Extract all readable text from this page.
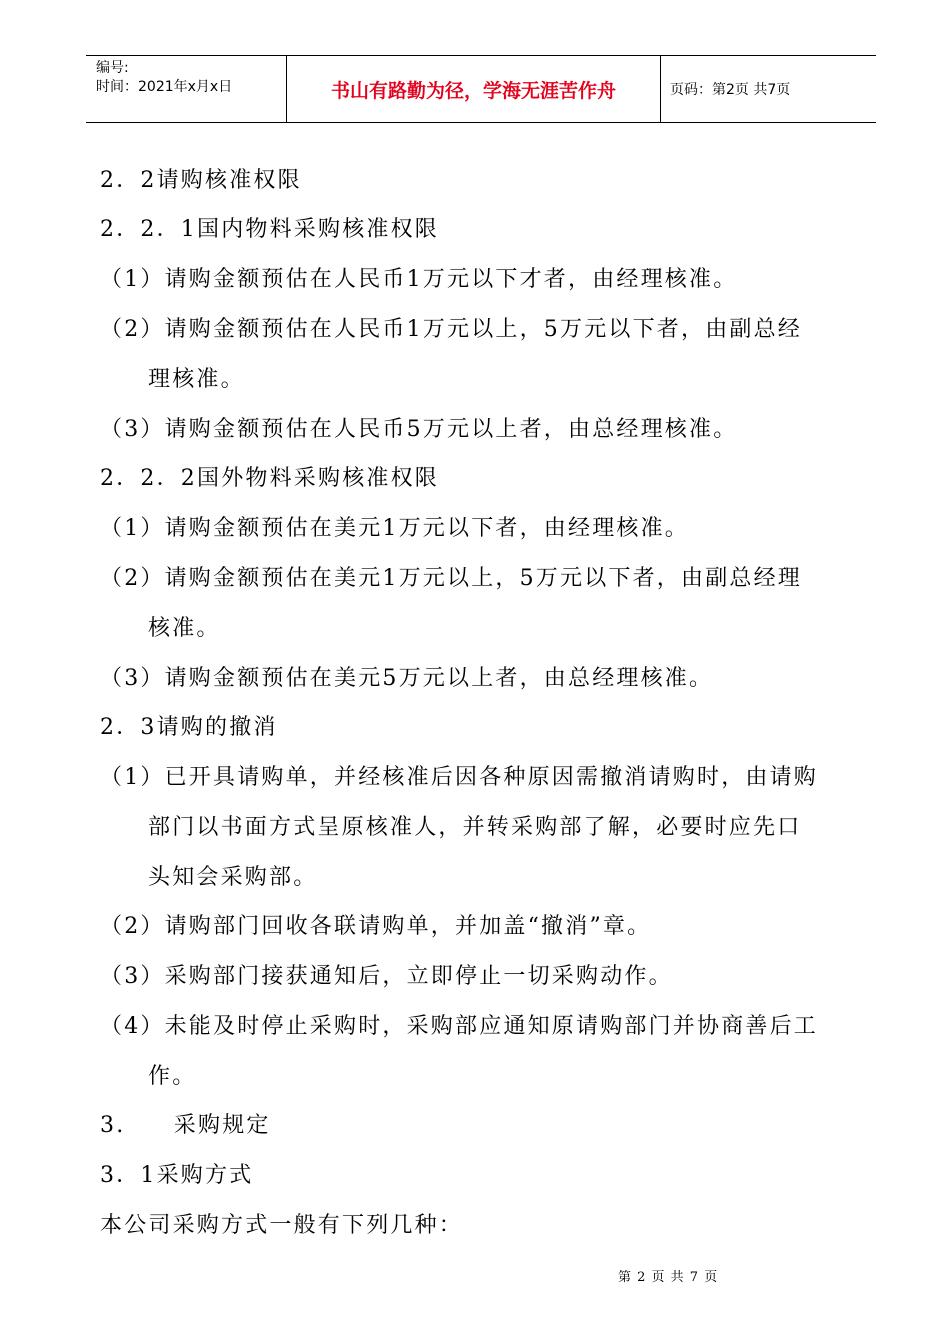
编号:
时间：2021年x月x日	书山有路勤为径，学海无涯苦作舟	页码：第2页 共7页
2．2请购核准权限
2．2．1国内物料采购核准权限
（1）请购金额预估在人民币1万元以下才者，由经理核准。
（2）请购金额预估在人民币1万元以上，5万元以下者，由副总经
理核准。
（3）请购金额预估在人民币5万元以上者，由总经理核准。
2．2．2国外物料采购核准权限
（1）请购金额预估在美元1万元以下者，由经理核准。
（2）请购金额预估在美元1万元以上，5万元以下者，由副总经理
核准。
（3）请购金额预估在美元5万元以上者，由总经理核准。
2．3请购的撤消
（1）已开具请购单，并经核准后因各种原因需撤消请购时，由请购
部门以书面方式呈原核准人，并转采购部了解，必要时应先口
头知会采购部。
（2）请购部门回收各联请购单，并加盖“撤消”章。
（3）采购部门接获通知后，立即停止一切采购动作。
（4）未能及时停止采购时，采购部应通知原请购部门并协商善后工
作。
3.　　采购规定
3．1采购方式
本公司采购方式一般有下列几种：
第 2 页 共 7 页
